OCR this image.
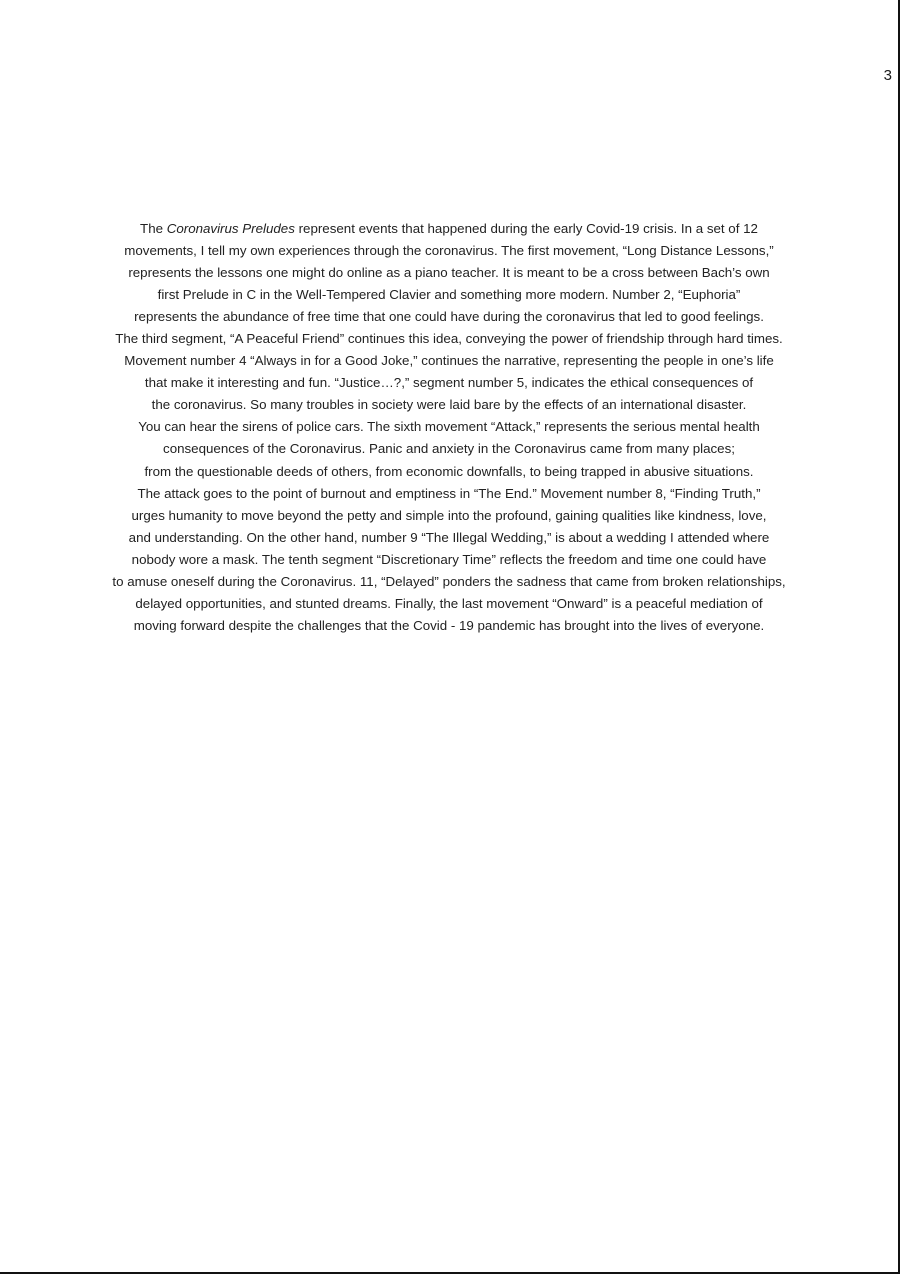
3
The Coronavirus Preludes represent events that happened during the early Covid-19 crisis. In a set of 12
movements, I tell my own experiences through the coronavirus. The first movement, “Long Distance Lessons,”
represents the lessons one might do online as a piano teacher. It is meant to be a cross between Bach’s own
first Prelude in C in the Well-Tempered Clavier and something more modern. Number 2, “Euphoria”
represents the abundance of free time that one could have during the coronavirus that led to good feelings.
The third segment, “A Peaceful Friend” continues this idea, conveying the power of friendship through hard times.
Movement number 4 “Always in for a Good Joke,” continues the narrative, representing the people in one’s life
that make it interesting and fun. “Justice…?,” segment number 5, indicates the ethical consequences of
the coronavirus. So many troubles in society were laid bare by the effects of an international disaster.
You can hear the sirens of police cars. The sixth movement “Attack,” represents the serious mental health
consequences of the Coronavirus. Panic and anxiety in the Coronavirus came from many places;
from the questionable deeds of others, from economic downfalls, to being trapped in abusive situations.
The attack goes to the point of burnout and emptiness in “The End.” Movement number 8, “Finding Truth,”
urges humanity to move beyond the petty and simple into the profound, gaining qualities like kindness, love,
and understanding. On the other hand, number 9 “The Illegal Wedding,” is about a wedding I attended where
nobody wore a mask. The tenth segment “Discretionary Time” reflects the freedom and time one could have
to amuse oneself during the Coronavirus. 11, “Delayed” ponders the sadness that came from broken relationships,
delayed opportunities, and stunted dreams. Finally, the last movement “Onward” is a peaceful mediation of
moving forward despite the challenges that the Covid - 19 pandemic has brought into the lives of everyone.
